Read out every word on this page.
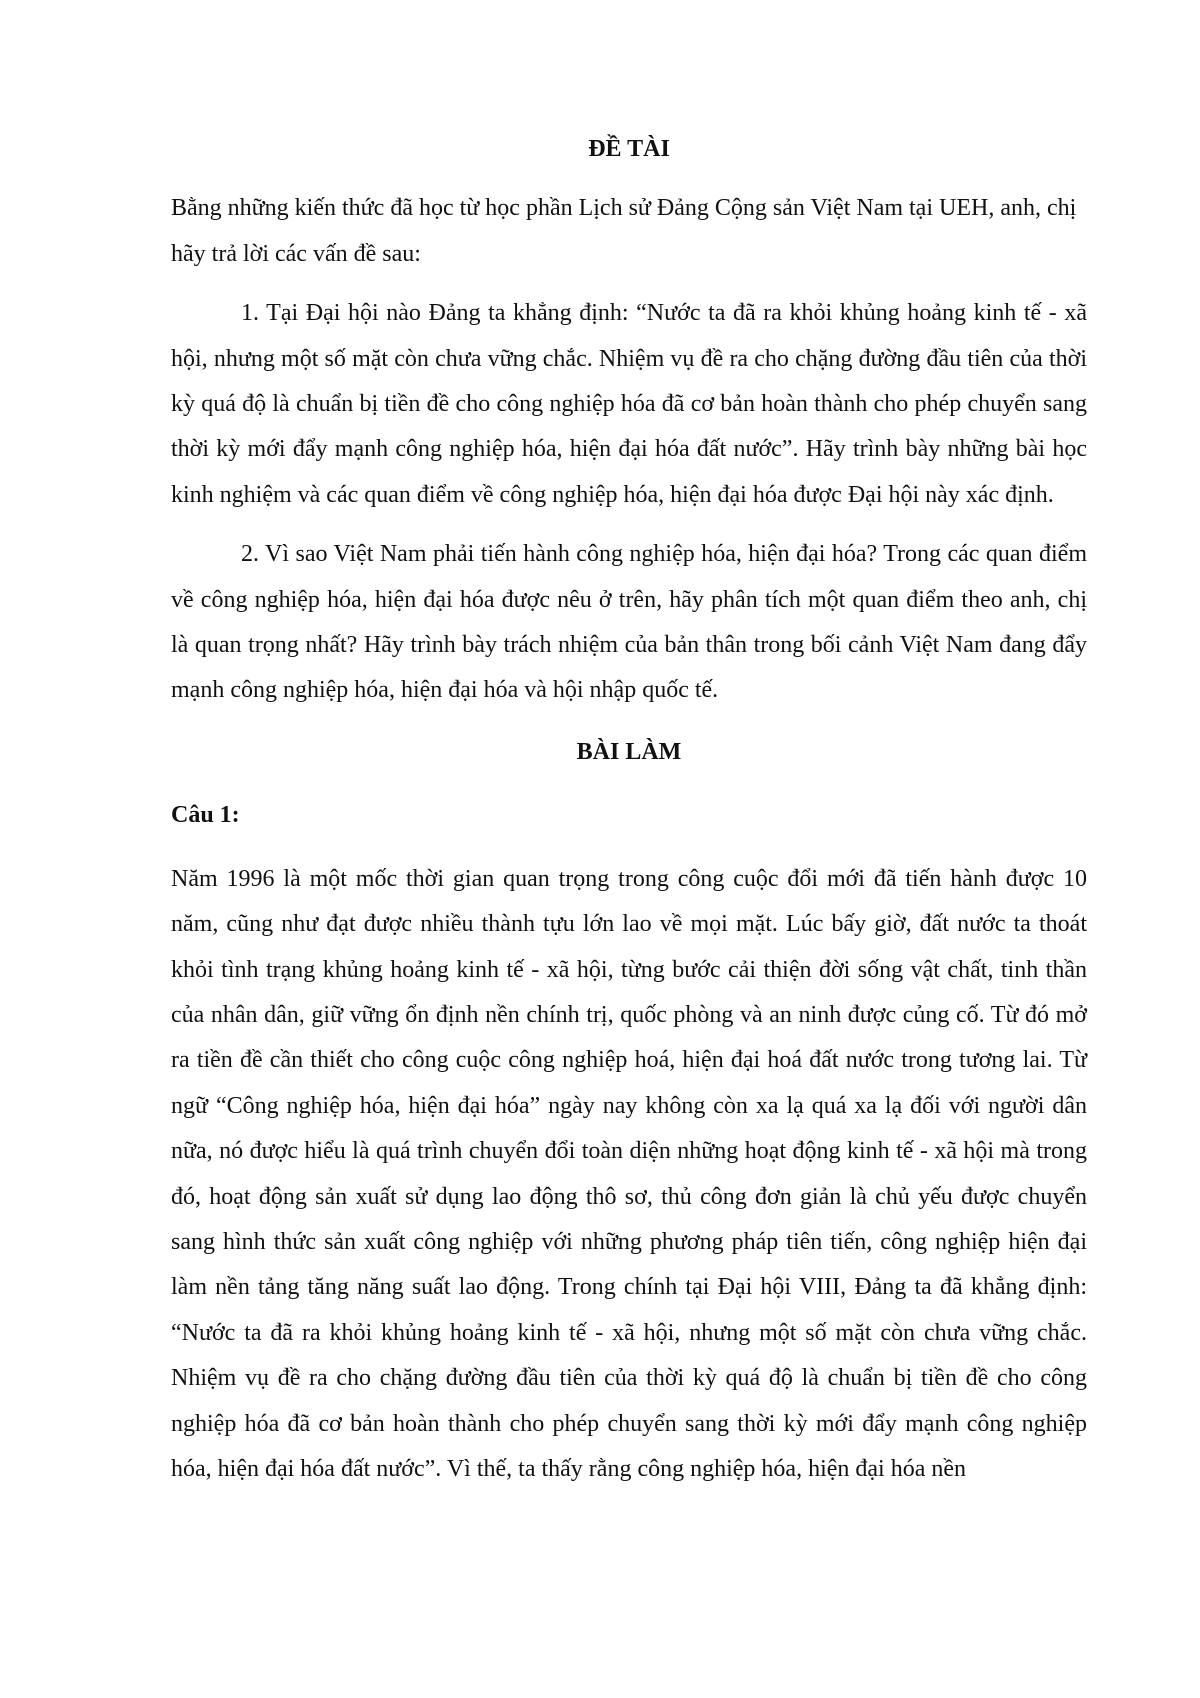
ĐỀ TÀI

Bằng những kiến thức đã học từ học phần Lịch sử Đảng Cộng sản Việt Nam tại UEH, anh, chị hãy trả lời các vấn đề sau:

1. Tại Đại hội nào Đảng ta khẳng định: “Nước ta đã ra khỏi khủng hoảng kinh tế - xã hội, nhưng một số mặt còn chưa vững chắc. Nhiệm vụ đề ra cho chặng đường đầu tiên của thời kỳ quá độ là chuẩn bị tiền đề cho công nghiệp hóa đã cơ bản hoàn thành cho phép chuyển sang thời kỳ mới đẩy mạnh công nghiệp hóa, hiện đại hóa đất nước”. Hãy trình bày những bài học kinh nghiệm và các quan điểm về công nghiệp hóa, hiện đại hóa được Đại hội này xác định.

2. Vì sao Việt Nam phải tiến hành công nghiệp hóa, hiện đại hóa? Trong các quan điểm về công nghiệp hóa, hiện đại hóa được nêu ở trên, hãy phân tích một quan điểm theo anh, chị là quan trọng nhất? Hãy trình bày trách nhiệm của bản thân trong bối cảnh Việt Nam đang đẩy mạnh công nghiệp hóa, hiện đại hóa và hội nhập quốc tế.

BÀI LÀM

Câu 1:

Năm 1996 là một mốc thời gian quan trọng trong công cuộc đổi mới đã tiến hành được 10 năm, cũng như đạt được nhiều thành tựu lớn lao về mọi mặt. Lúc bấy giờ, đất nước ta thoát khỏi tình trạng khủng hoảng kinh tế - xã hội, từng bước cải thiện đời sống vật chất, tinh thần của nhân dân, giữ vững ổn định nền chính trị, quốc phòng và an ninh được củng cố. Từ đó mở ra tiền đề cần thiết cho công cuộc công nghiệp hoá, hiện đại hoá đất nước trong tương lai. Từ ngữ “Công nghiệp hóa, hiện đại hóa” ngày nay không còn xa lạ quá xa lạ đối với người dân nữa, nó được hiểu là quá trình chuyển đổi toàn diện những hoạt động kinh tế - xã hội mà trong đó, hoạt động sản xuất sử dụng lao động thô sơ, thủ công đơn giản là chủ yếu được chuyển sang hình thức sản xuất công nghiệp với những phương pháp tiên tiến, công nghiệp hiện đại làm nền tảng tăng năng suất lao động. Trong chính tại Đại hội VIII, Đảng ta đã khẳng định: “Nước ta đã ra khỏi khủng hoảng kinh tế - xã hội, nhưng một số mặt còn chưa vững chắc. Nhiệm vụ đề ra cho chặng đường đầu tiên của thời kỳ quá độ là chuẩn bị tiền đề cho công nghiệp hóa đã cơ bản hoàn thành cho phép chuyển sang thời kỳ mới đẩy mạnh công nghiệp hóa, hiện đại hóa đất nước”. Vì thế, ta thấy rằng công nghiệp hóa, hiện đại hóa nền
